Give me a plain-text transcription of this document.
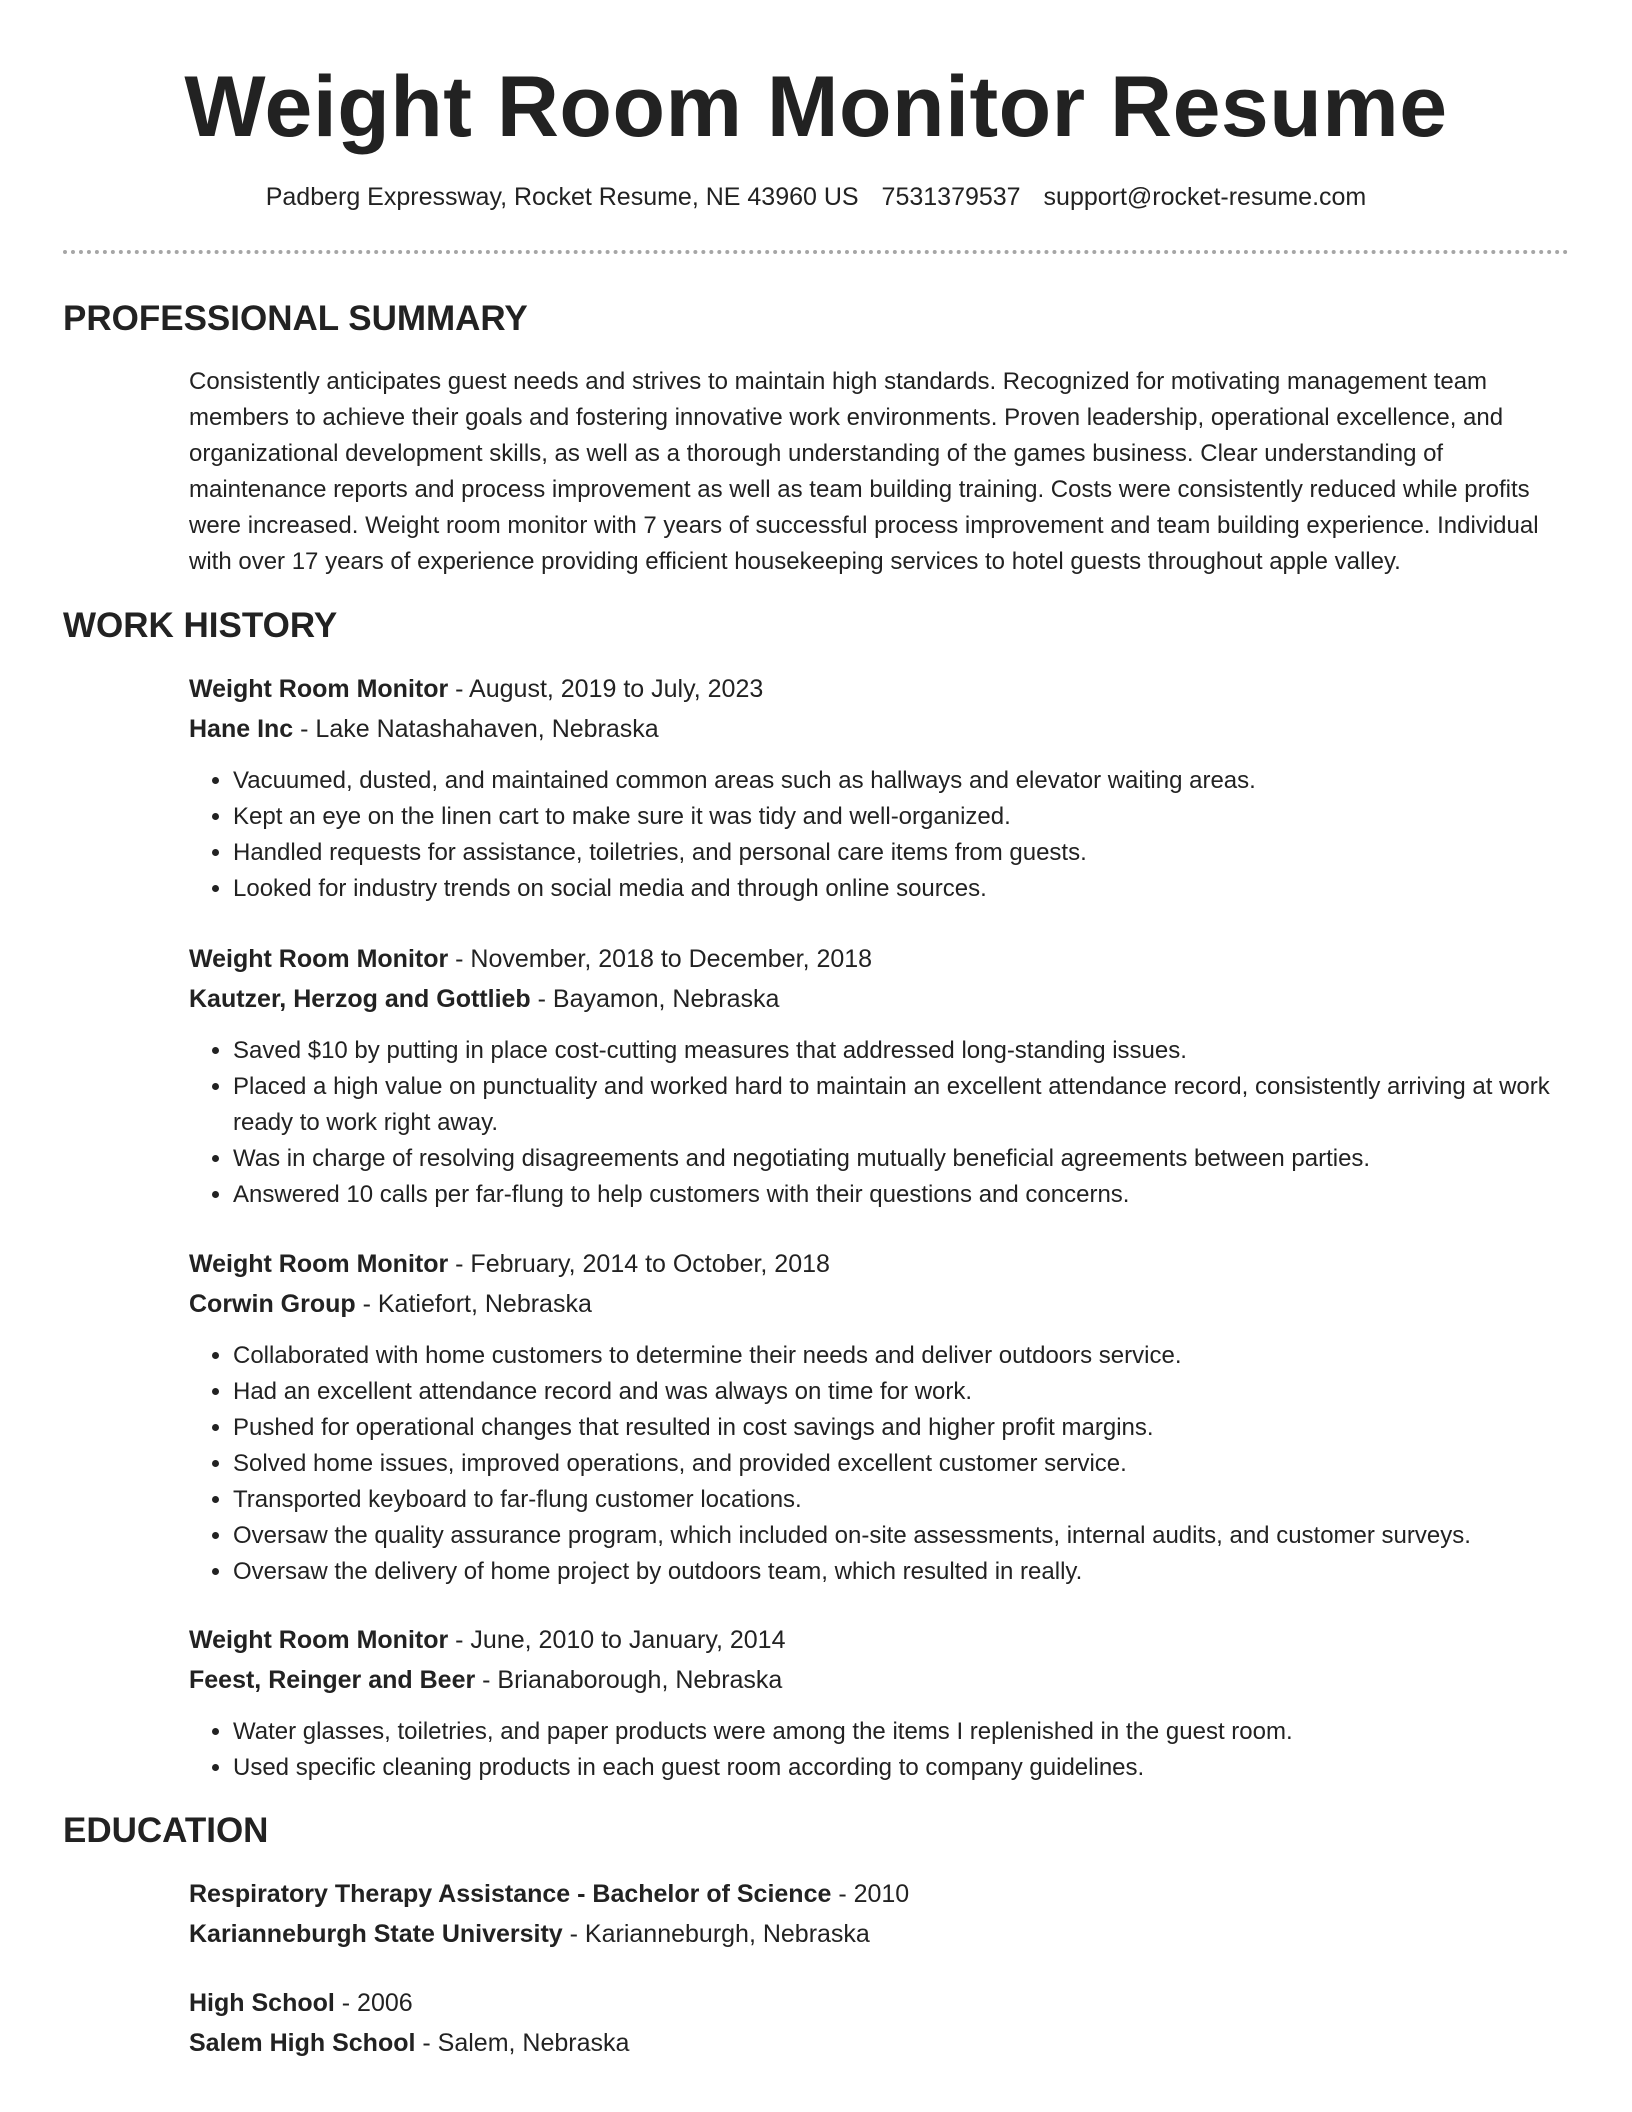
Weight Room Monitor Resume
Padberg Expressway, Rocket Resume, NE 43960 US 7531379537 support@rocket-resume.com
PROFESSIONAL SUMMARY
Consistently anticipates guest needs and strives to maintain high standards. Recognized for motivating management team members to achieve their goals and fostering innovative work environments. Proven leadership, operational excellence, and organizational development skills, as well as a thorough understanding of the games business. Clear understanding of maintenance reports and process improvement as well as team building training. Costs were consistently reduced while profits were increased. Weight room monitor with 7 years of successful process improvement and team building experience. Individual with over 17 years of experience providing efficient housekeeping services to hotel guests throughout apple valley.
WORK HISTORY
Weight Room Monitor - August, 2019 to July, 2023
Hane Inc - Lake Natashahaven, Nebraska
• Vacuumed, dusted, and maintained common areas such as hallways and elevator waiting areas.
• Kept an eye on the linen cart to make sure it was tidy and well-organized.
• Handled requests for assistance, toiletries, and personal care items from guests.
• Looked for industry trends on social media and through online sources.
Weight Room Monitor - November, 2018 to December, 2018
Kautzer, Herzog and Gottlieb - Bayamon, Nebraska
• Saved $10 by putting in place cost-cutting measures that addressed long-standing issues.
• Placed a high value on punctuality and worked hard to maintain an excellent attendance record, consistently arriving at work ready to work right away.
• Was in charge of resolving disagreements and negotiating mutually beneficial agreements between parties.
• Answered 10 calls per far-flung to help customers with their questions and concerns.
Weight Room Monitor - February, 2014 to October, 2018
Corwin Group - Katiefort, Nebraska
• Collaborated with home customers to determine their needs and deliver outdoors service.
• Had an excellent attendance record and was always on time for work.
• Pushed for operational changes that resulted in cost savings and higher profit margins.
• Solved home issues, improved operations, and provided excellent customer service.
• Transported keyboard to far-flung customer locations.
• Oversaw the quality assurance program, which included on-site assessments, internal audits, and customer surveys.
• Oversaw the delivery of home project by outdoors team, which resulted in really.
Weight Room Monitor - June, 2010 to January, 2014
Feest, Reinger and Beer - Brianaborough, Nebraska
• Water glasses, toiletries, and paper products were among the items I replenished in the guest room.
• Used specific cleaning products in each guest room according to company guidelines.
EDUCATION
Respiratory Therapy Assistance - Bachelor of Science - 2010
Karianneburgh State University - Karianneburgh, Nebraska
High School - 2006
Salem High School - Salem, Nebraska
